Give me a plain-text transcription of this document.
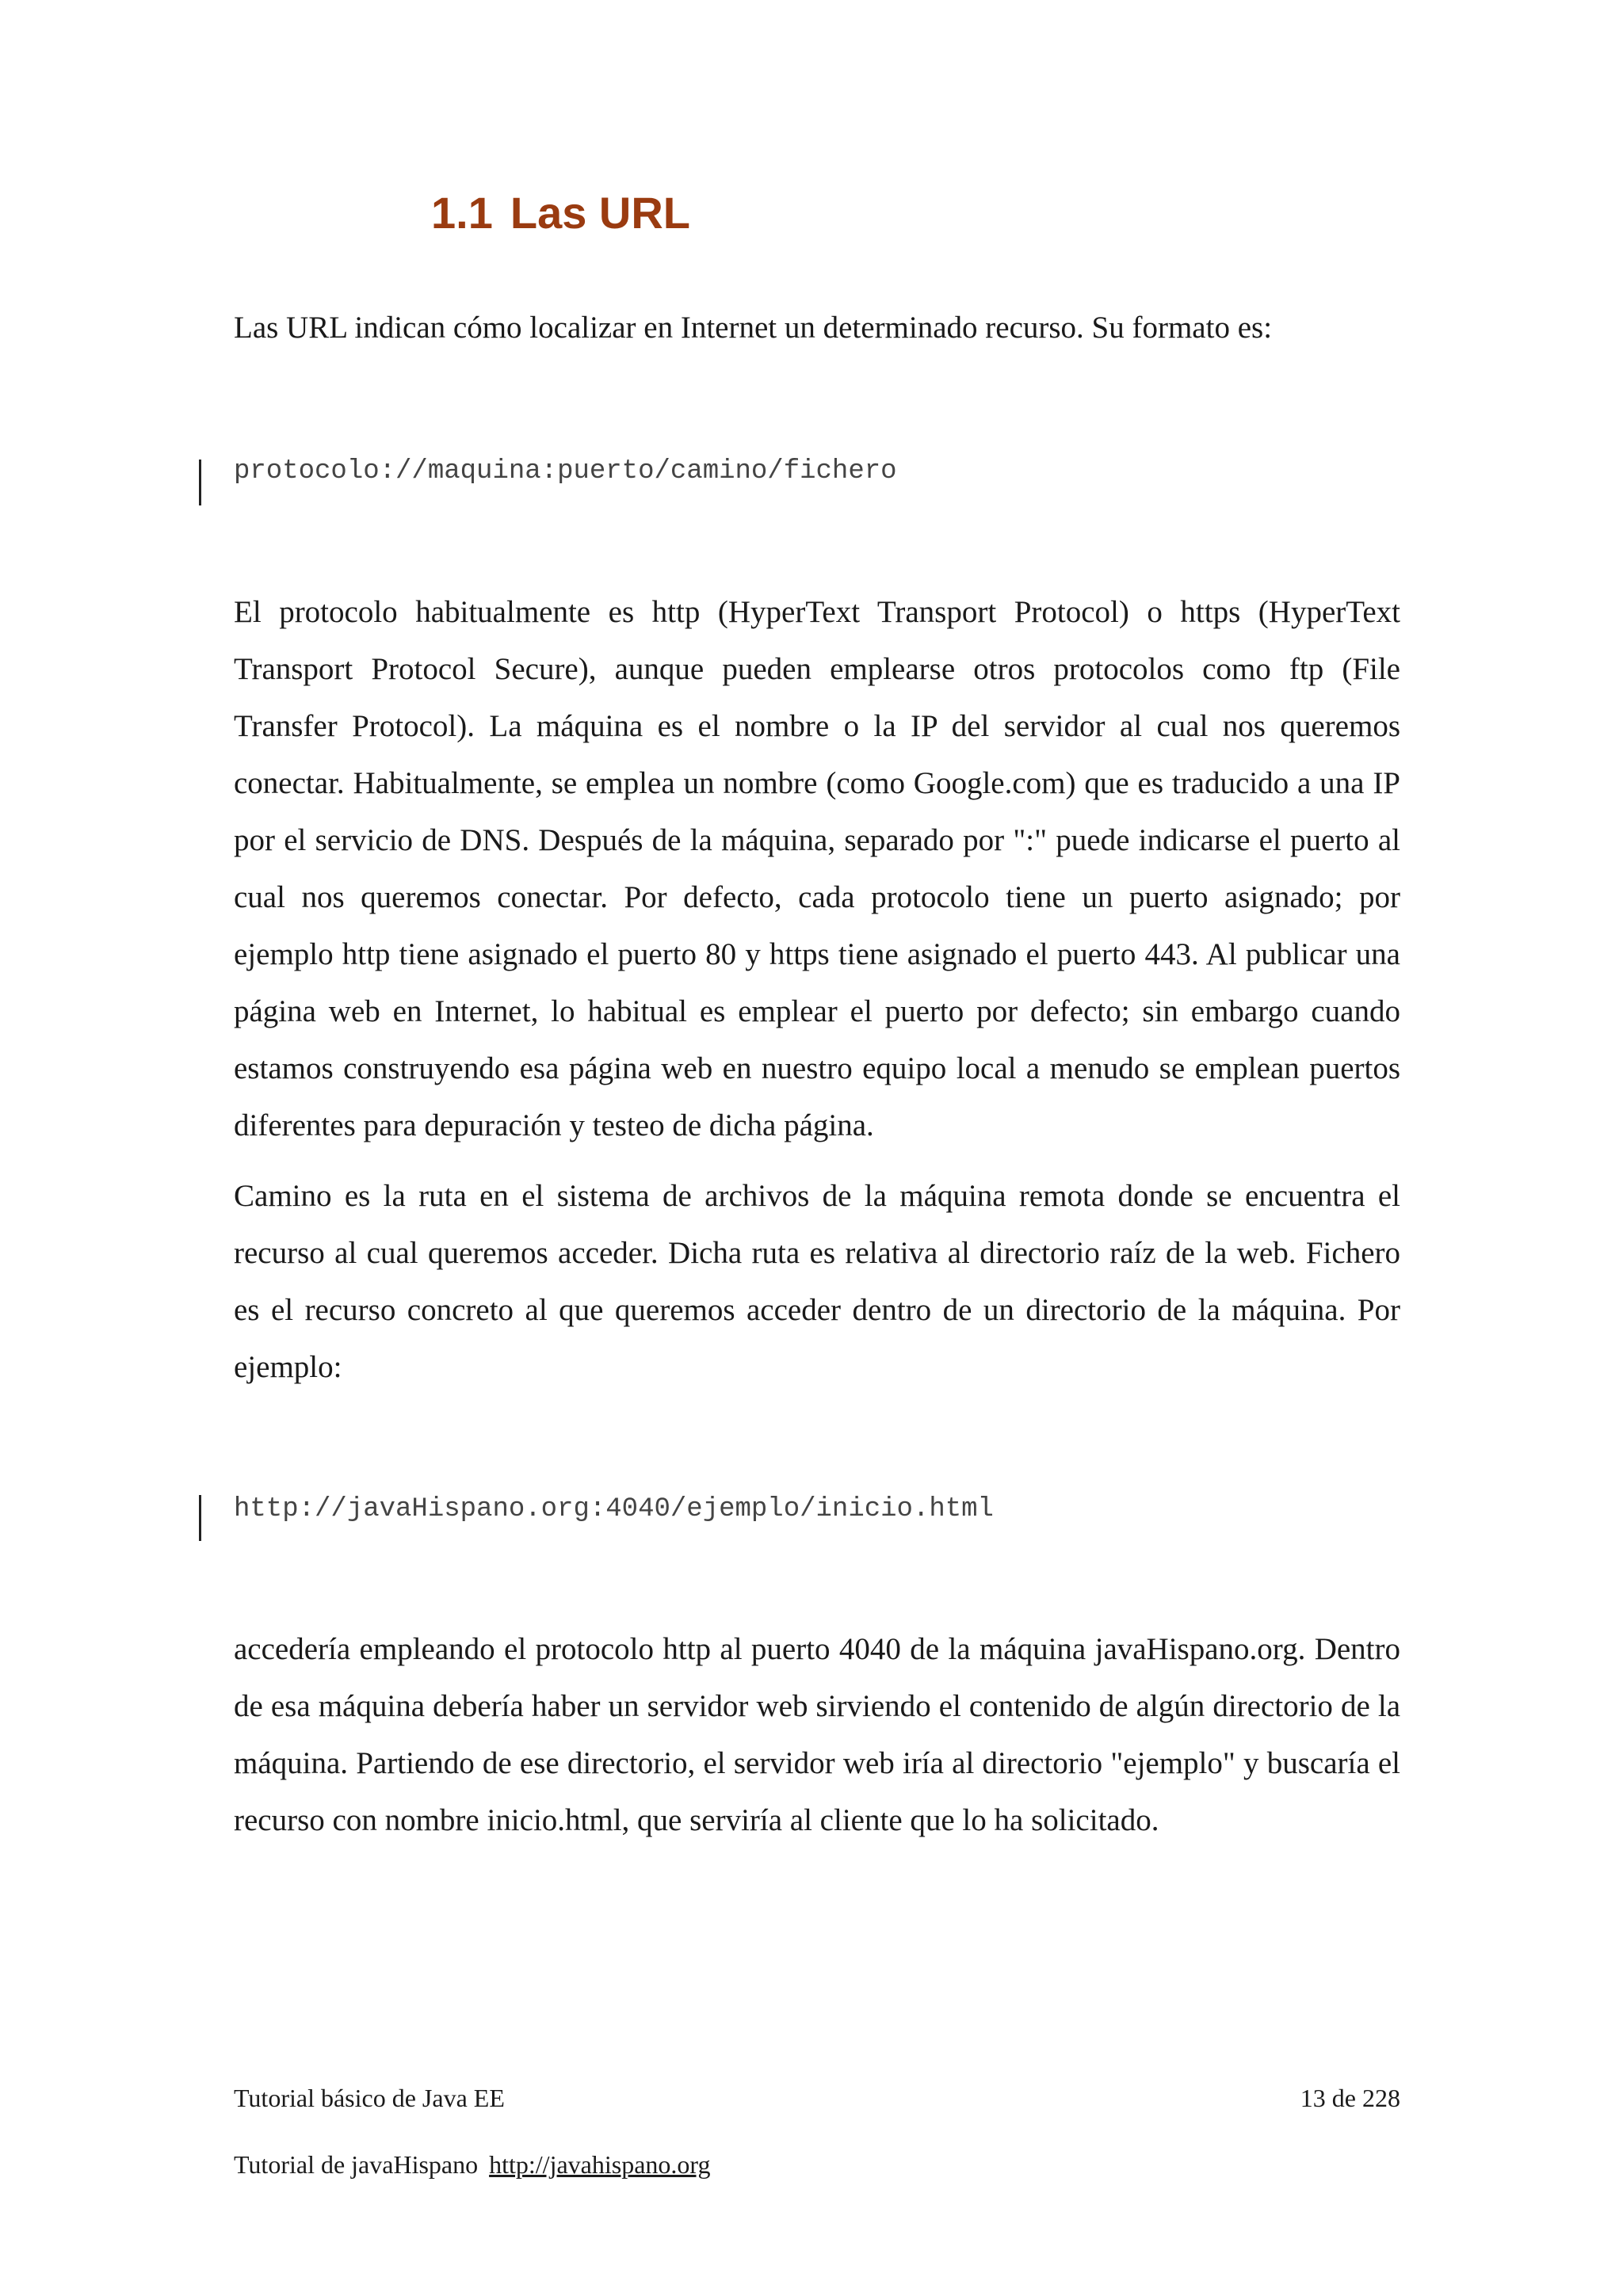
1.1 Las URL

Las URL indican cómo localizar en Internet un determinado recurso. Su formato es:

protocolo://maquina:puerto/camino/fichero

El protocolo habitualmente es http (HyperText Transport Protocol) o https (HyperText Transport Protocol Secure), aunque pueden emplearse otros protocolos como ftp (File Transfer Protocol). La máquina es el nombre o la IP del servidor al cual nos queremos conectar. Habitualmente, se emplea un nombre (como Google.com) que es traducido a una IP por el servicio de DNS. Después de la máquina, separado por ":" puede indicarse el puerto al cual nos queremos conectar. Por defecto, cada protocolo tiene un puerto asignado; por ejemplo http tiene asignado el puerto 80 y https tiene asignado el puerto 443. Al publicar una página web en Internet, lo habitual es emplear el puerto por defecto; sin embargo cuando estamos construyendo esa página web en nuestro equipo local a menudo se emplean puertos diferentes para depuración y testeo de dicha página.

Camino es la ruta en el sistema de archivos de la máquina remota donde se encuentra el recurso al cual queremos acceder. Dicha ruta es relativa al directorio raíz de la web. Fichero es el recurso concreto al que queremos acceder dentro de un directorio de la máquina. Por ejemplo:

http://javaHispano.org:4040/ejemplo/inicio.html

accedería empleando el protocolo http al puerto 4040 de la máquina javaHispano.org. Dentro de esa máquina debería haber un servidor web sirviendo el contenido de algún directorio de la máquina. Partiendo de ese directorio, el servidor web iría al directorio "ejemplo" y buscaría el recurso con nombre inicio.html, que serviría al cliente que lo ha solicitado.

Tutorial básico de Java EE	13 de 228
Tutorial de javaHispano http://javahispano.org
